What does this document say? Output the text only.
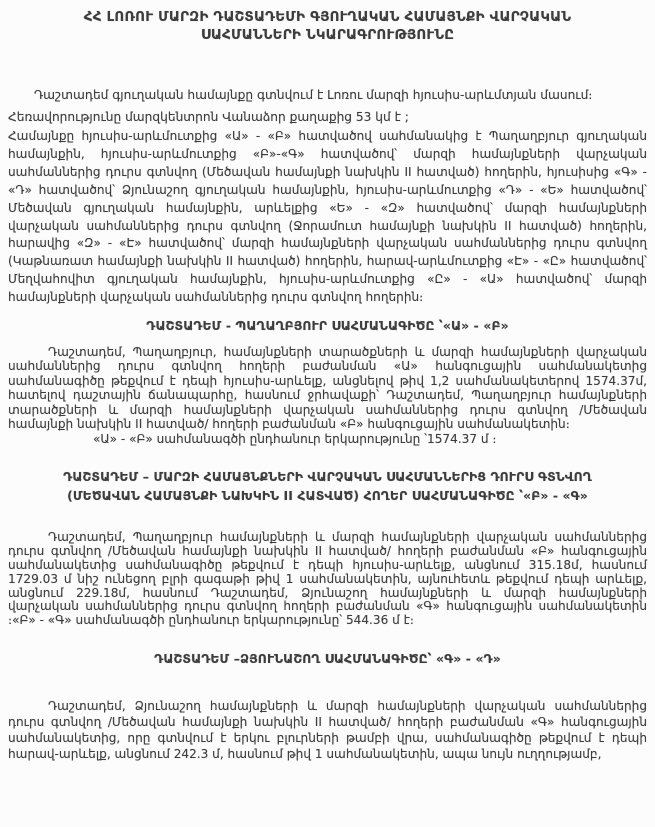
ՀՀ ԼՈՌՈՒ ՄԱՐԶԻ ԴԱՇՏԱԴԵՄԻ ԳՅՈՒՂԱԿԱՆ ՀԱՄԱՅՆՔԻ ՎԱՐՉԱԿԱՆ ՍԱՀՄԱՆՆԵՐԻ ՆԿԱՐԱԳՐՈՒԹՅՈՒՆԸ

Դաշտադեմ գյուղական համայնքը գտնվում է Լոռու մարզի հյուսիս-արևմտյան մասում։

Հեռավորությունը մարզկենտրոն Վանաձոր քաղաքից 53 կմ է ;

Համայնքը հյուսիս-արևմուտքից «Ա» - «Բ» հատվածով սահմանակից է Պաղաղբյուր գյուղական համայնքին, հյուսիս-արևմուտքից «Բ»-«Գ» հատվածով՝ մարզի համայնքների վարչական սահմաններից դուրս գտնվող (Մեծավան համայնքի նախկին II հատված) հողերին, հյուսիսից «Գ» - «Դ» հատվածով՝ Ձյունաշող գյուղական համայնքին, հյուսիս-արևմուտքից «Դ» - «Ե» հատվածով՝ Մեծավան գյուղական համայնքին, արևելքից «Ե» - «Զ» հատվածով՝ մարզի համայնքների վարչական սահմաններից դուրս գտնվող (Ջորամուտ համայնքի նախկին II հատված) հողերին, հարավից «Զ» - «Է» հատվածով՝ մարզի համայնքների վարչական սահմաններից դուրս գտնվող (Կաթնառատ համայնքի նախկին II հատված) հողերին, հարավ-արևմուտքից «Է» - «Ը» հատվածով՝ Մեղվահովիտ գյուղական համայնքին, հյուսիս-արևմուտքից «Ը» - «Ա» հատվածով՝ մարզի համայնքների վարչական սահմաններից դուրս գտնվող հողերին։

ԴԱՇՏԱԴԵՄ - ՊԱՂԱՂԲՅՈՒՐ ՍԱՀՄԱՆԱԳԻԾԸ ՝«Ա» - «Բ»

Դաշտադեմ, Պաղաղբյուր, համայնքների տարածքների և մարզի համայնքների վարչական սահմաններից դուրս գտնվող հողերի բաժանման «Ա» հանգուցային սահմանակետից սահմանագիծը թեքվում է դեպի հյուսիս-արևելք, անցնելով թիվ 1,2 սահմանակետերով 1574.37մ, հատելով դաշտային ճանապարհը, հասնում ջրհավաքի՝ Դաշտադեմ, Պաղաղբյուր համայնքների տարածքների և մարզի համայնքների վարչական սահմաններից դուրս գտնվող /Մեծավան համայնքի նախկին II հատված/ հողերի բաժանման «Բ» հանգուցային սահմանակետին։

«Ա» - «Բ» սահմանագծի ընդհանուր երկարությունը ՝1574.37 մ ։

ԴԱՇՏԱԴԵՄ – ՄԱՐԶԻ ՀԱՄԱՅՆՔՆԵՐԻ ՎԱՐՉԱԿԱՆ ՍԱՀՄԱՆՆԵՐԻՑ ԴՈՒՐՍ ԳՏՆՎՈՂ (ՄԵԾԱՎԱՆ ՀԱՄԱՅՆՔԻ ՆԱԽԿԻՆ II ՀԱՏՎԱԾ) ՀՈՂԵՐ ՍԱՀՄԱՆԱԳԻԾԸ ՝«Բ» - «Գ»

Դաշտադեմ, Պաղաղբյուր համայնքների և մարզի համայնքների վարչական սահմաններից դուրս գտնվող /Մեծավան համայնքի նախկին II հատված/ հողերի բաժանման «Բ» հանգուցային սահմանակետից սահմանագիծը թեքվում է դեպի հյուսիս-արևելք, անցնում 315.18մ, հասնում 1729.03 մ նիշ ունեցող բլրի գագաթի թիվ 1 սահմանակետին, այնուհետև թեքվում դեպի արևելք, անցնում 229.18մ, հասնում Դաշտադեմ, Ձյունաշող համայնքների և մարզի համայնքների վարչական սահմաններից դուրս գտնվող հողերի բաժանման «Գ» հանգուցային սահմանակետին ։«Բ» - «Գ» սահմանագծի ընդհանուր երկարությունը՝ 544.36 մ է։

ԴԱՇՏԱԴԵՄ –ՁՅՈՒՆԱՇՈՂ ՍԱՀՄԱՆԱԳԻԾԸ՝ «Գ» - «Դ»

Դաշտադեմ, Ձյունաշող համայնքների և մարզի համայնքների վարչական սահմաններից դուրս գտնվող /Մեծավան համայնքի նախկին II հատված/ հողերի բաժանման «Գ» հանգուցային սահմանակետից, որը գտնվում է երկու բլուրների թամբի վրա, սահմանագիծը թեքվում է դեպի հարավ-արևելք, անցնում 242.3 մ, հասնում թիվ 1 սահմանակետին, ապա նույն ուղղությամբ,
